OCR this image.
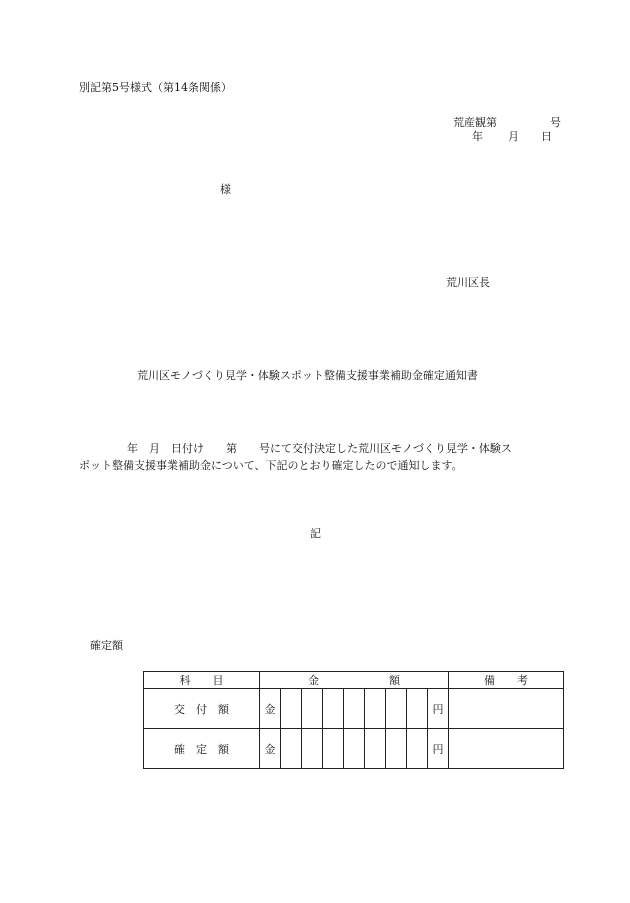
別記第5号様式（第14条関係）
荒産観第	号
年 月 日
様
荒川区長
荒川区モノづくり見学・体験スポット整備支援事業補助金確定通知書
年　月　日付け　　第　　号にて交付決定した荒川区モノづくり見学・体験ス
ポット整備支援事業補助金について、下記のとおり確定したので通知します。
記
確定額
科　　目	金 額									備　　考
交　付　額	金								円	
確　定　額	金								円	
